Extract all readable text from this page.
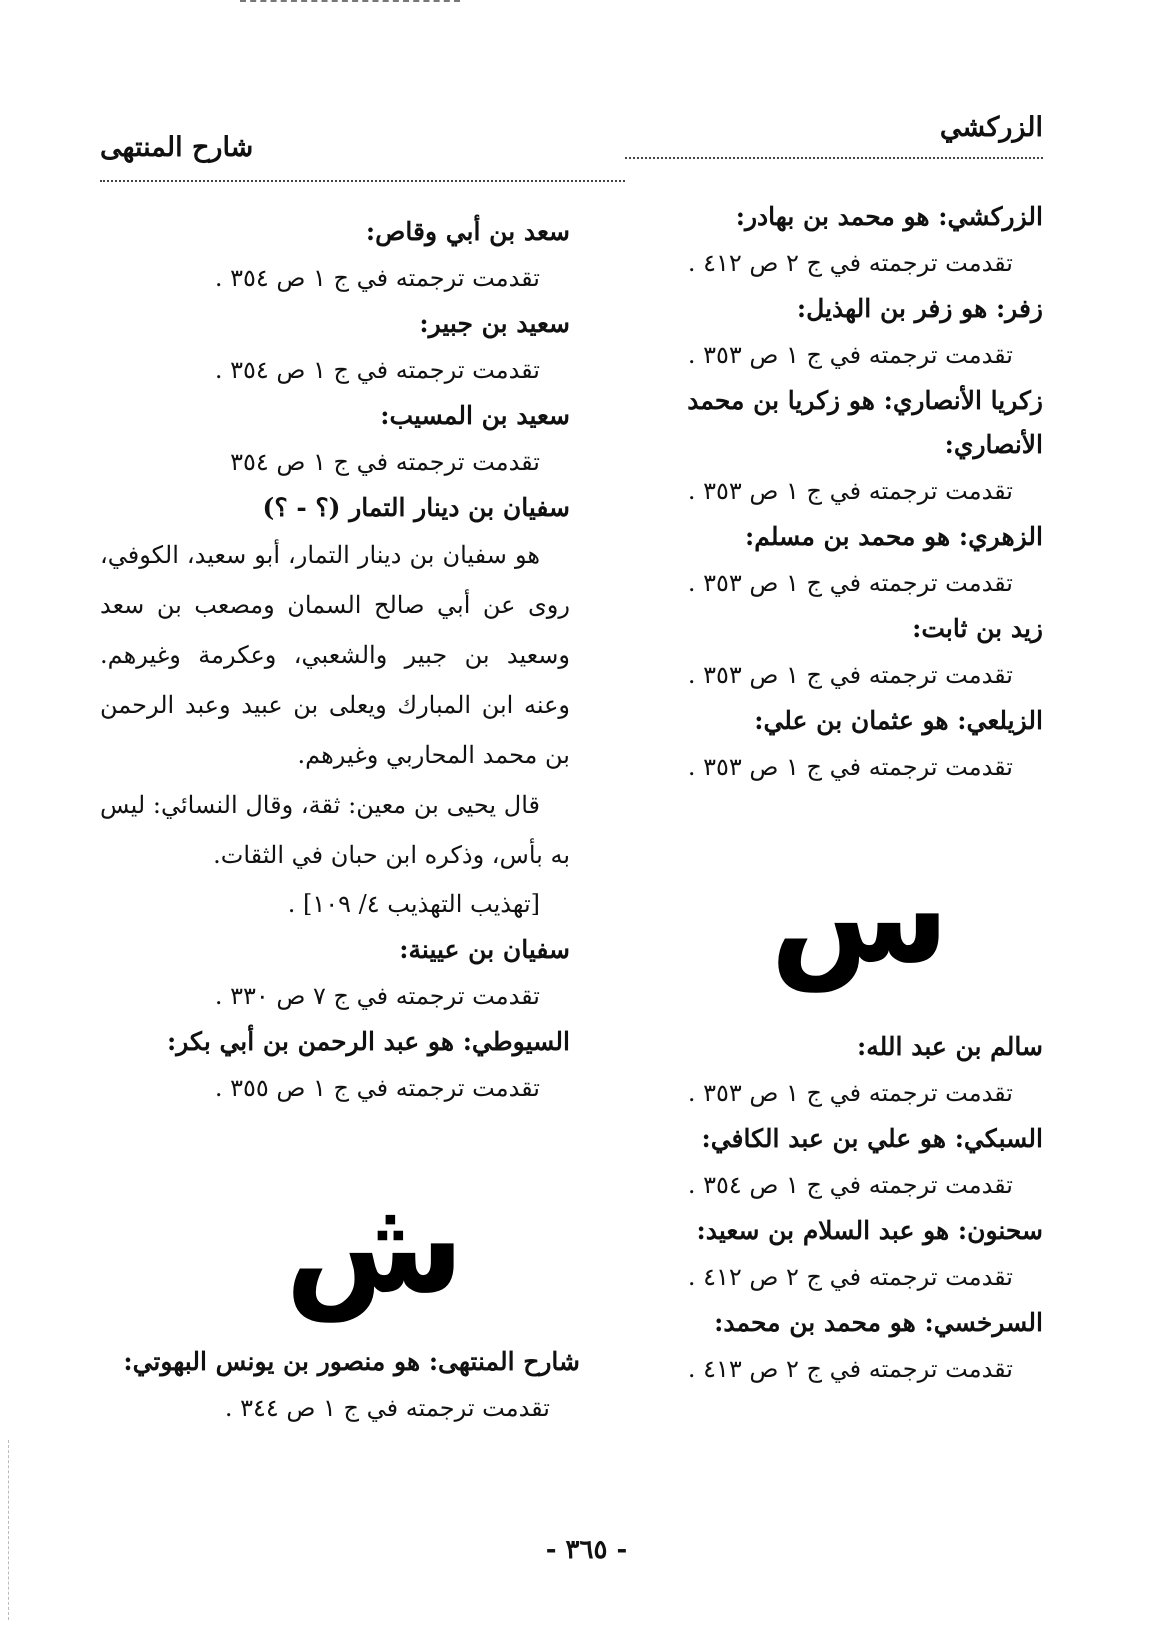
الزركشي
شارح المنتهى
الزركشي: هو محمد بن بهادر:
تقدمت ترجمته في ج ٢ ص ٤١٢ .
زفر: هو زفر بن الهذيل:
تقدمت ترجمته في ج ١ ص ٣٥٣ .
زكريا الأنصاري: هو زكريا بن محمد الأنصاري:
تقدمت ترجمته في ج ١ ص ٣٥٣ .
الزهري: هو محمد بن مسلم:
تقدمت ترجمته في ج ١ ص ٣٥٣ .
زيد بن ثابت:
تقدمت ترجمته في ج ١ ص ٣٥٣ .
الزيلعي: هو عثمان بن علي:
تقدمت ترجمته في ج ١ ص ٣٥٣ .
س
سالم بن عبد الله:
تقدمت ترجمته في ج ١ ص ٣٥٣ .
السبكي: هو علي بن عبد الكافي:
تقدمت ترجمته في ج ١ ص ٣٥٤ .
سحنون: هو عبد السلام بن سعيد:
تقدمت ترجمته في ج ٢ ص ٤١٢ .
السرخسي: هو محمد بن محمد:
تقدمت ترجمته في ج ٢ ص ٤١٣ .
سعد بن أبي وقاص:
تقدمت ترجمته في ج ١ ص ٣٥٤ .
سعيد بن جبير:
تقدمت ترجمته في ج ١ ص ٣٥٤ .
سعيد بن المسيب:
تقدمت ترجمته في ج ١ ص ٣٥٤
سفيان بن دينار التمار (؟ - ؟)
هو سفيان بن دينار التمار، أبو سعيد، الكوفي، روى عن أبي صالح السمان ومصعب بن سعد وسعيد بن جبير والشعبي، وعكرمة وغيرهم. وعنه ابن المبارك ويعلى بن عبيد وعبد الرحمن بن محمد المحاربي وغيرهم.
قال يحيى بن معين: ثقة، وقال النسائي: ليس به بأس، وذكره ابن حبان في الثقات.
[تهذيب التهذيب ٤/ ١٠٩] .
سفيان بن عيينة:
تقدمت ترجمته في ج ٧ ص ٣٣٠ .
السيوطي: هو عبد الرحمن بن أبي بكر:
تقدمت ترجمته في ج ١ ص ٣٥٥ .
ش
شارح المنتهى: هو منصور بن يونس البهوتي:
تقدمت ترجمته في ج ١ ص ٣٤٤ .
- ٣٦٥ -
